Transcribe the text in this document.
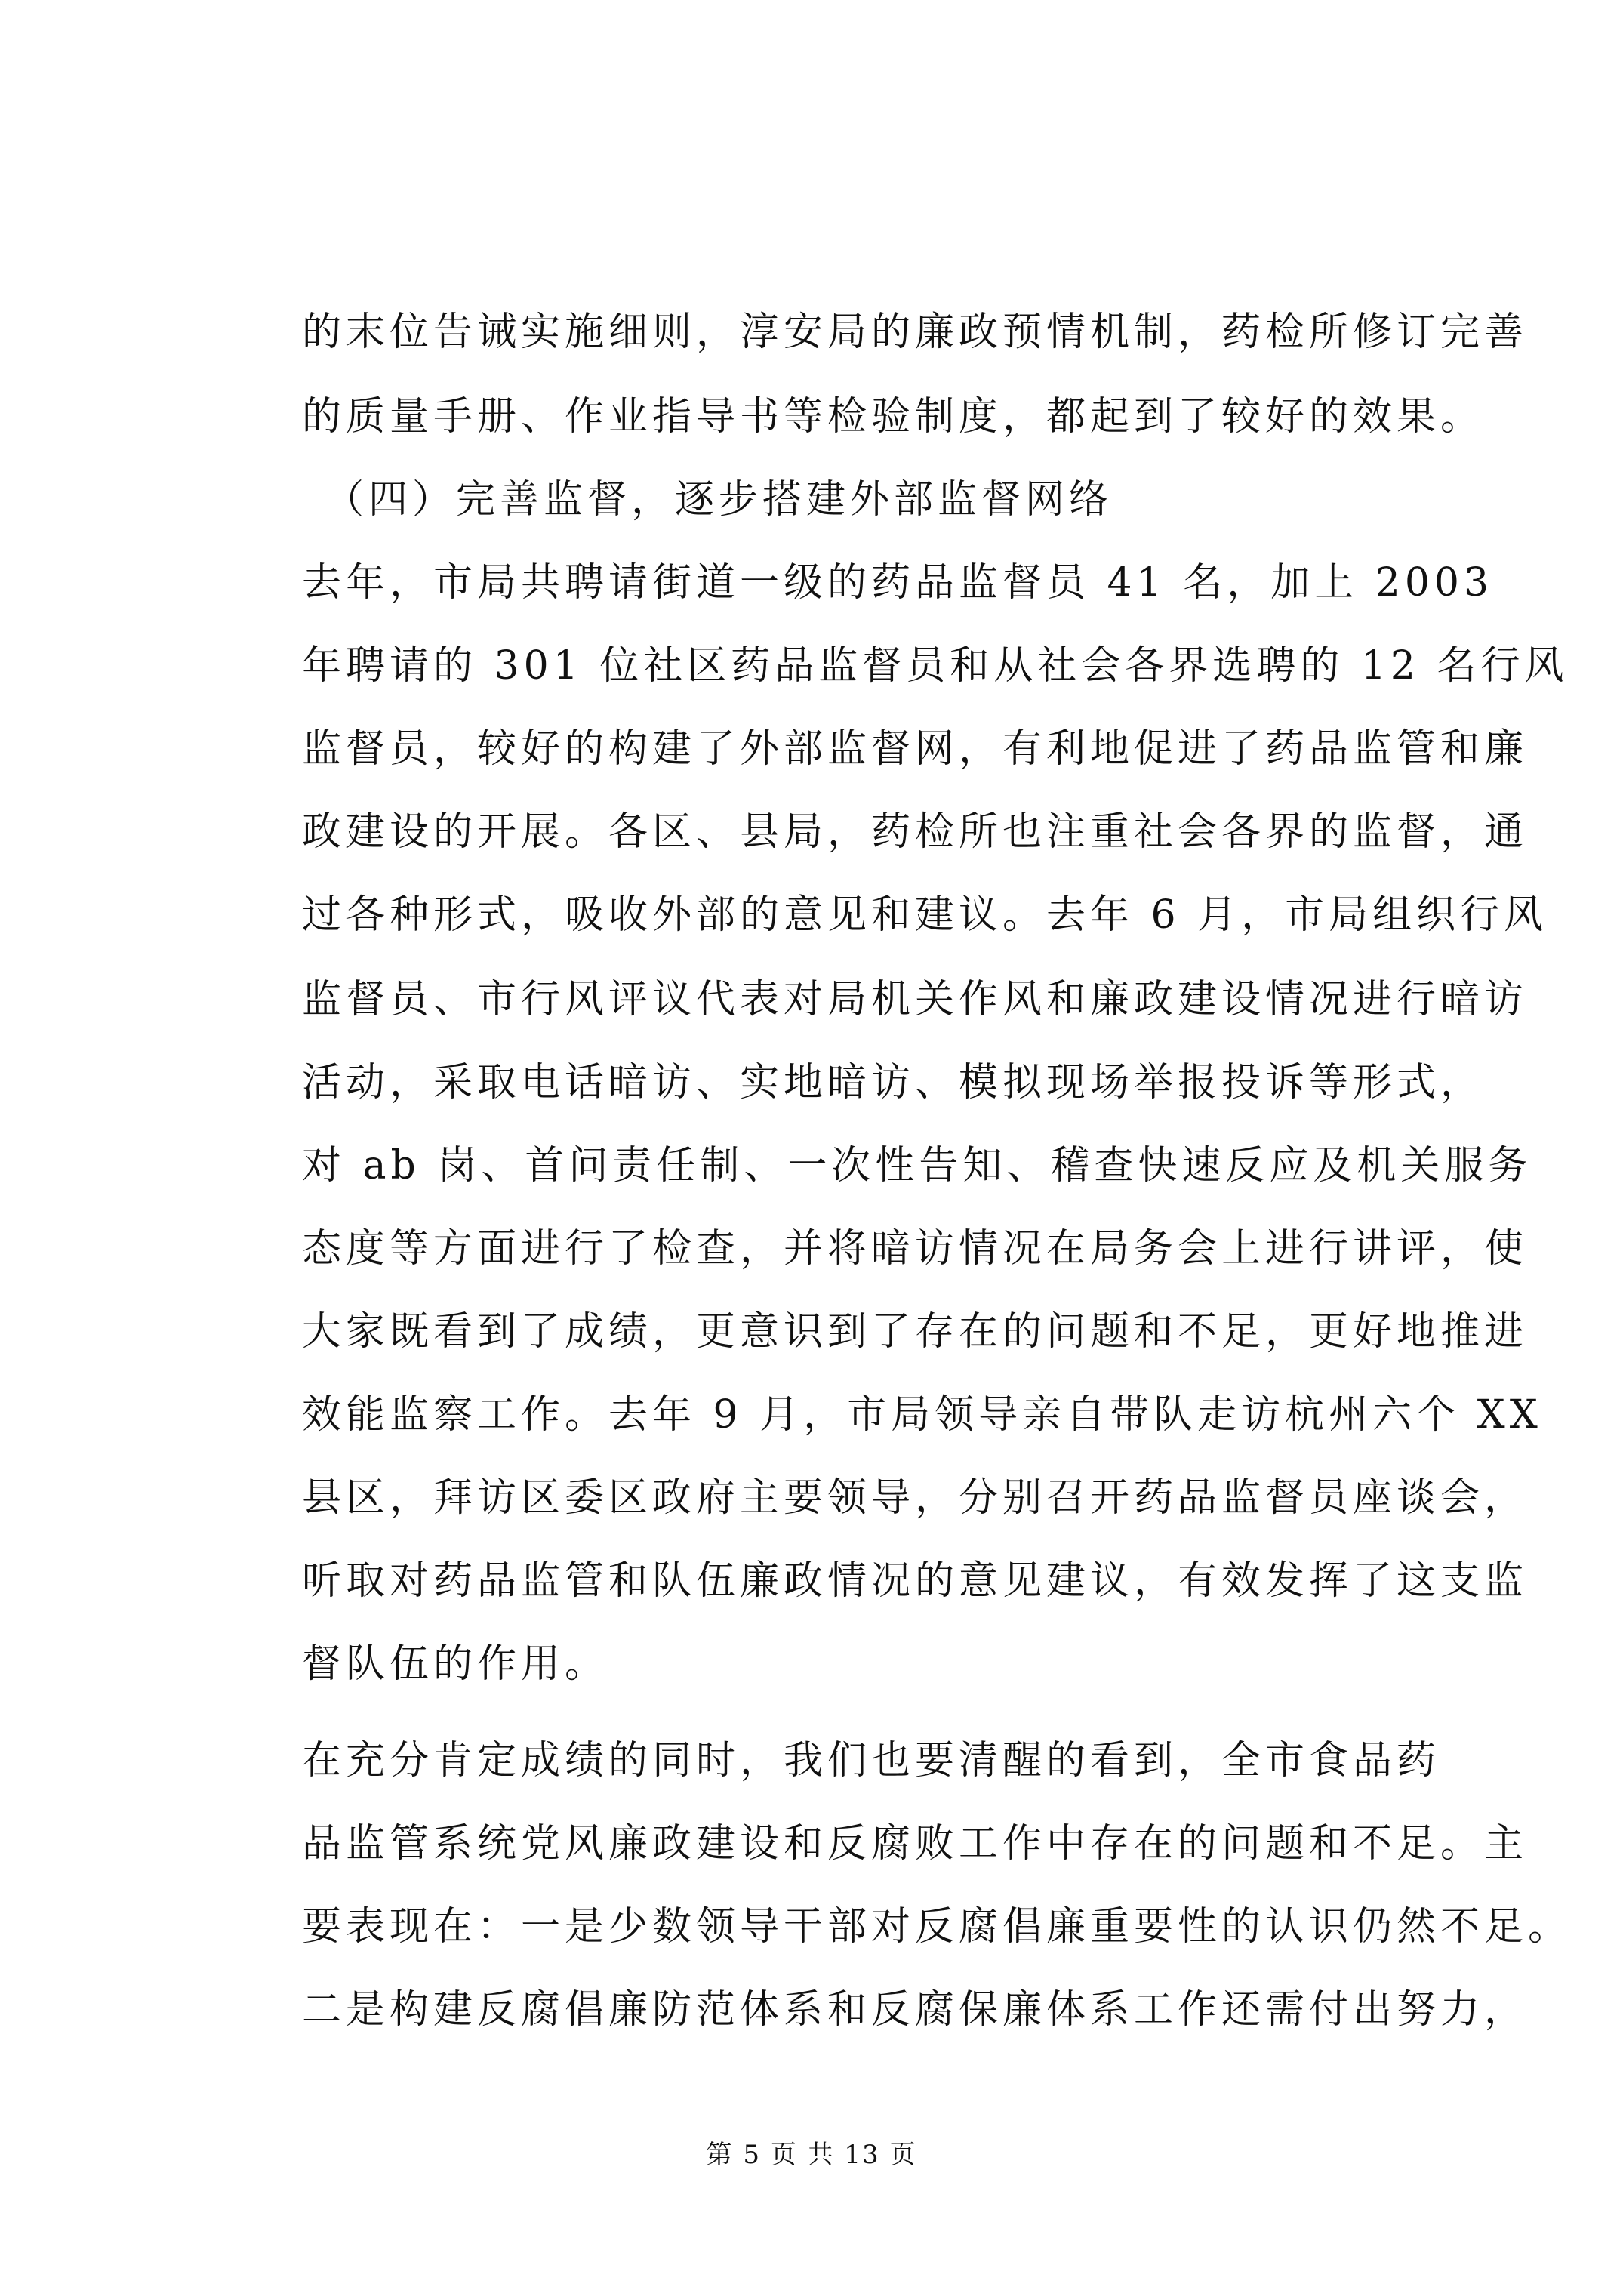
的末位告诫实施细则，淳安局的廉政预情机制，药检所修订完善
的质量手册、作业指导书等检验制度，都起到了较好的效果。
（四）完善监督，逐步搭建外部监督网络
去年，市局共聘请街道一级的药品监督员 41 名，加上 2003
年聘请的 301 位社区药品监督员和从社会各界选聘的 12 名行风
监督员，较好的构建了外部监督网，有利地促进了药品监管和廉
政建设的开展。各区、县局，药检所也注重社会各界的监督，通
过各种形式，吸收外部的意见和建议。去年 6 月，市局组织行风
监督员、市行风评议代表对局机关作风和廉政建设情况进行暗访
活动，采取电话暗访、实地暗访、模拟现场举报投诉等形式，
对 ab 岗、首问责任制、一次性告知、稽查快速反应及机关服务
态度等方面进行了检查，并将暗访情况在局务会上进行讲评，使
大家既看到了成绩，更意识到了存在的问题和不足，更好地推进
效能监察工作。去年 9 月，市局领导亲自带队走访杭州六个 XX
县区，拜访区委区政府主要领导，分别召开药品监督员座谈会，
听取对药品监管和队伍廉政情况的意见建议，有效发挥了这支监
督队伍的作用。
在充分肯定成绩的同时，我们也要清醒的看到，全市食品药
品监管系统党风廉政建设和反腐败工作中存在的问题和不足。主
要表现在：一是少数领导干部对反腐倡廉重要性的认识仍然不足。
二是构建反腐倡廉防范体系和反腐保廉体系工作还需付出努力，
第 5 页 共 13 页
